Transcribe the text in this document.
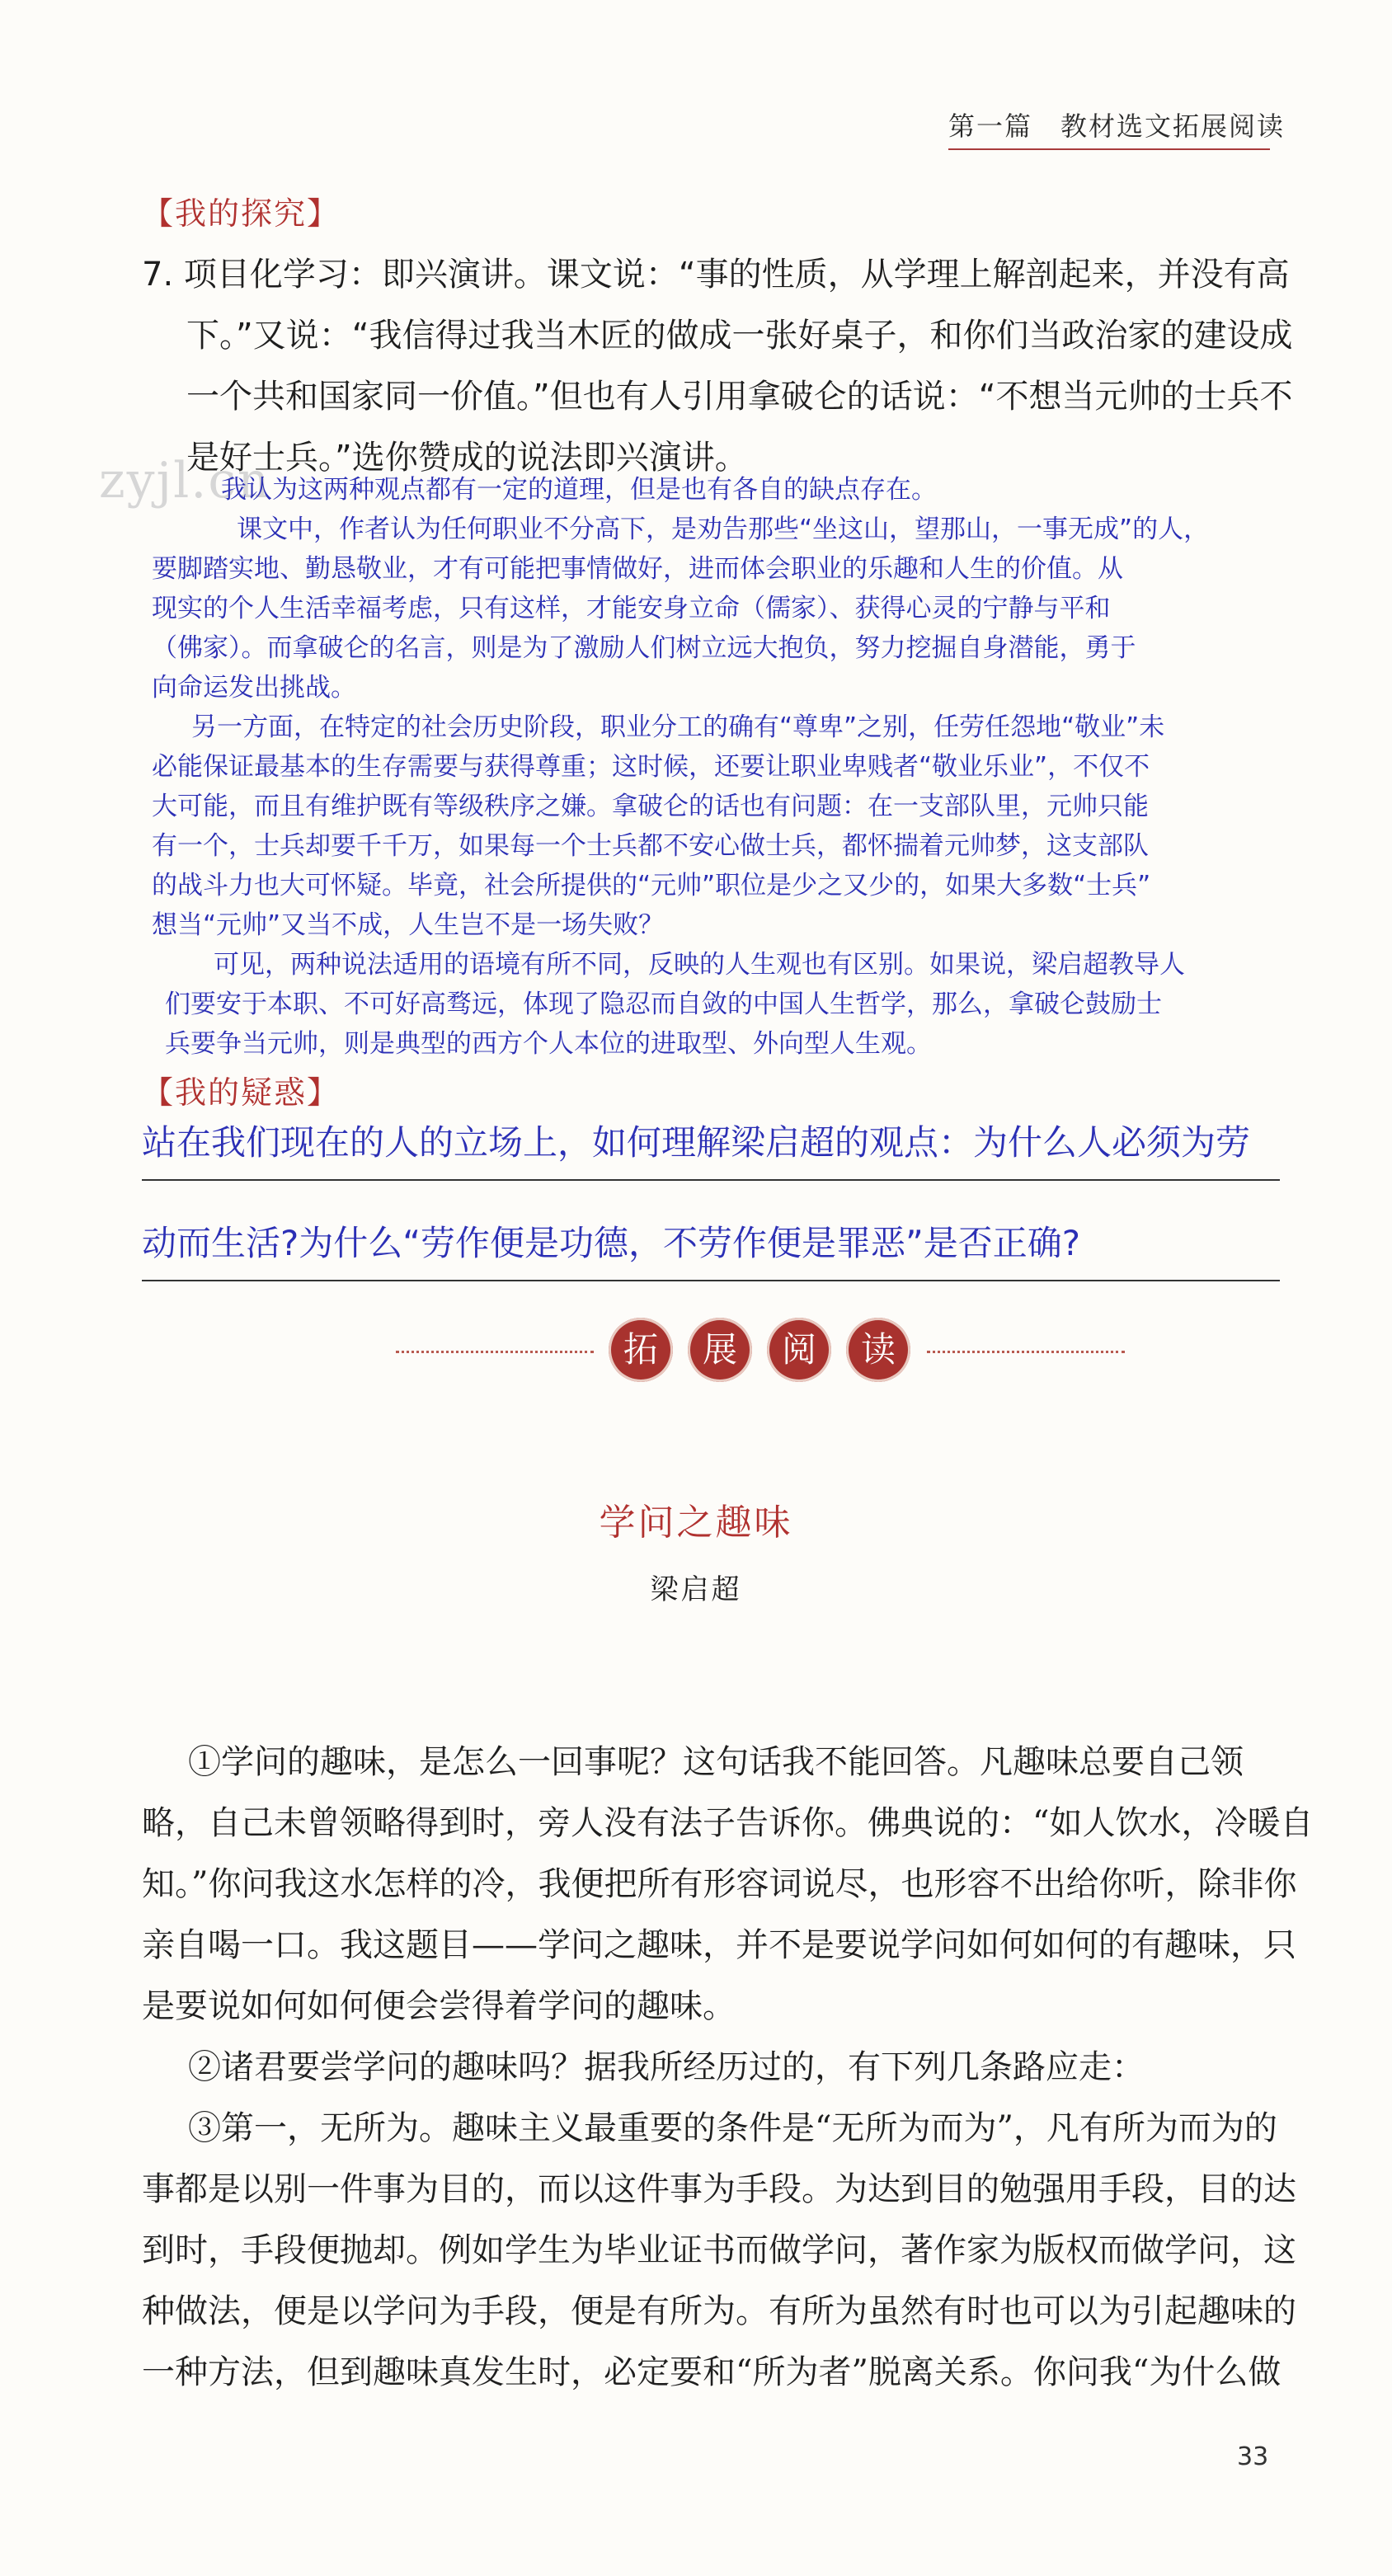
第一篇　教材选文拓展阅读
【我的探究】
7. 项目化学习：即兴演讲。课文说：“事的性质，从学理上解剖起来，并没有高
下。”又说：“我信得过我当木匠的做成一张好桌子，和你们当政治家的建设成
一个共和国家同一价值。”但也有人引用拿破仑的话说：“不想当元帅的士兵不
是好士兵。”选你赞成的说法即兴演讲。
zyjl.cn

我认为这两种观点都有一定的道理，但是也有各自的缺点存在。

　课文中，作者认为任何职业不分高下，是劝告那些“坐这山，望那山，一事无成”的人，
要脚踏实地、勤恳敬业，才有可能把事情做好，进而体会职业的乐趣和人生的价值。从
现实的个人生活幸福考虑，只有这样，才能安身立命（儒家）、获得心灵的宁静与平和
（佛家）。而拿破仑的名言，则是为了激励人们树立远大抱负，努力挖掘自身潜能，勇于
向命运发出挑战。

另一方面，在特定的社会历史阶段，职业分工的确有“尊卑”之别，任劳任怨地“敬业”未
必能保证最基本的生存需要与获得尊重；这时候，还要让职业卑贱者“敬业乐业”，不仅不
大可能，而且有维护既有等级秩序之嫌。拿破仑的话也有问题：在一支部队里，元帅只能
有一个，士兵却要千千万，如果每一个士兵都不安心做士兵，都怀揣着元帅梦，这支部队
的战斗力也大可怀疑。毕竟，社会所提供的“元帅”职位是少之又少的，如果大多数“士兵”
想当“元帅”又当不成，人生岂不是一场失败？

　可见，两种说法适用的语境有所不同，反映的人生观也有区别。如果说，梁启超教导人
们要安于本职、不可好高骛远，体现了隐忍而自敛的中国人生哲学，那么，拿破仑鼓励士
兵要争当元帅，则是典型的西方个人本位的进取型、外向型人生观。

【我的疑惑】
站在我们现在的人的立场上，如何理解梁启超的观点：为什么人必须为劳
动而生活?为什么“劳作便是功德，不劳作便是罪恶”是否正确?
拓	展	阅	读
学问之趣味
梁启超
①学问的趣味，是怎么一回事呢？这句话我不能回答。凡趣味总要自己领
略，自己未曾领略得到时，旁人没有法子告诉你。佛典说的：“如人饮水，冷暖自
知。”你问我这水怎样的冷，我便把所有形容词说尽，也形容不出给你听，除非你
亲自喝一口。我这题目——学问之趣味，并不是要说学问如何如何的有趣味，只
是要说如何如何便会尝得着学问的趣味。
②诸君要尝学问的趣味吗？据我所经历过的，有下列几条路应走：
③第一，无所为。趣味主义最重要的条件是“无所为而为”，凡有所为而为的
事都是以别一件事为目的，而以这件事为手段。为达到目的勉强用手段，目的达
到时，手段便抛却。例如学生为毕业证书而做学问，著作家为版权而做学问，这
种做法，便是以学问为手段，便是有所为。有所为虽然有时也可以为引起趣味的
一种方法，但到趣味真发生时，必定要和“所为者”脱离关系。你问我“为什么做
33
